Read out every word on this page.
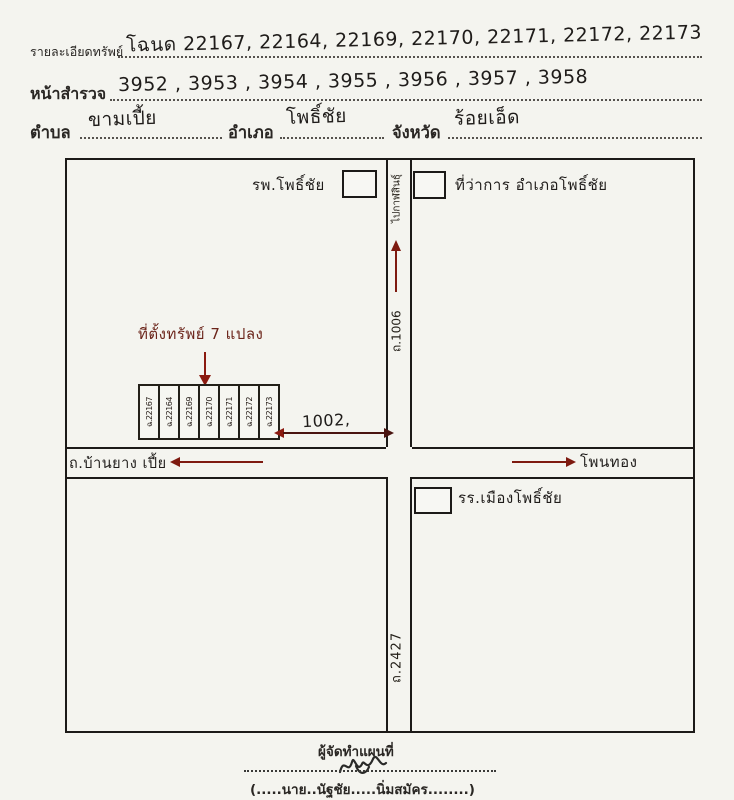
รายละเอียดทรัพย์ โฉนด 22167, 22164, 22169, 22170, 22171, 22172, 22173
หน้าสำรวจ 3952 , 3953 , 3954 , 3955 , 3956 , 3957 , 3958
ตำบล
ขามเปี้ย
อำเภอ
โพธิ์ชัย
จังหวัด
ร้อยเอ็ด
รพ.โพธิ์ชัย	ไปกาฬสินธุ์
ถ.1006
ที่ว่าการ อำเภอโพธิ์ชัย
ที่ตั้งทรัพย์ 7 แปลง
ฉ.22167 ฉ.22164 ฉ.22169 ฉ.22170 ฉ.22171 ฉ.22172 ฉ.22173 1002,
ถ.บ้านยาง เปี้ย	โพนทอง
รร.เมืองโพธิ์ชัย
ถ.2427
ผู้จัดทำแผนที่
(.....นาย..นัฐชัย.....นิ่มสมัคร........)
